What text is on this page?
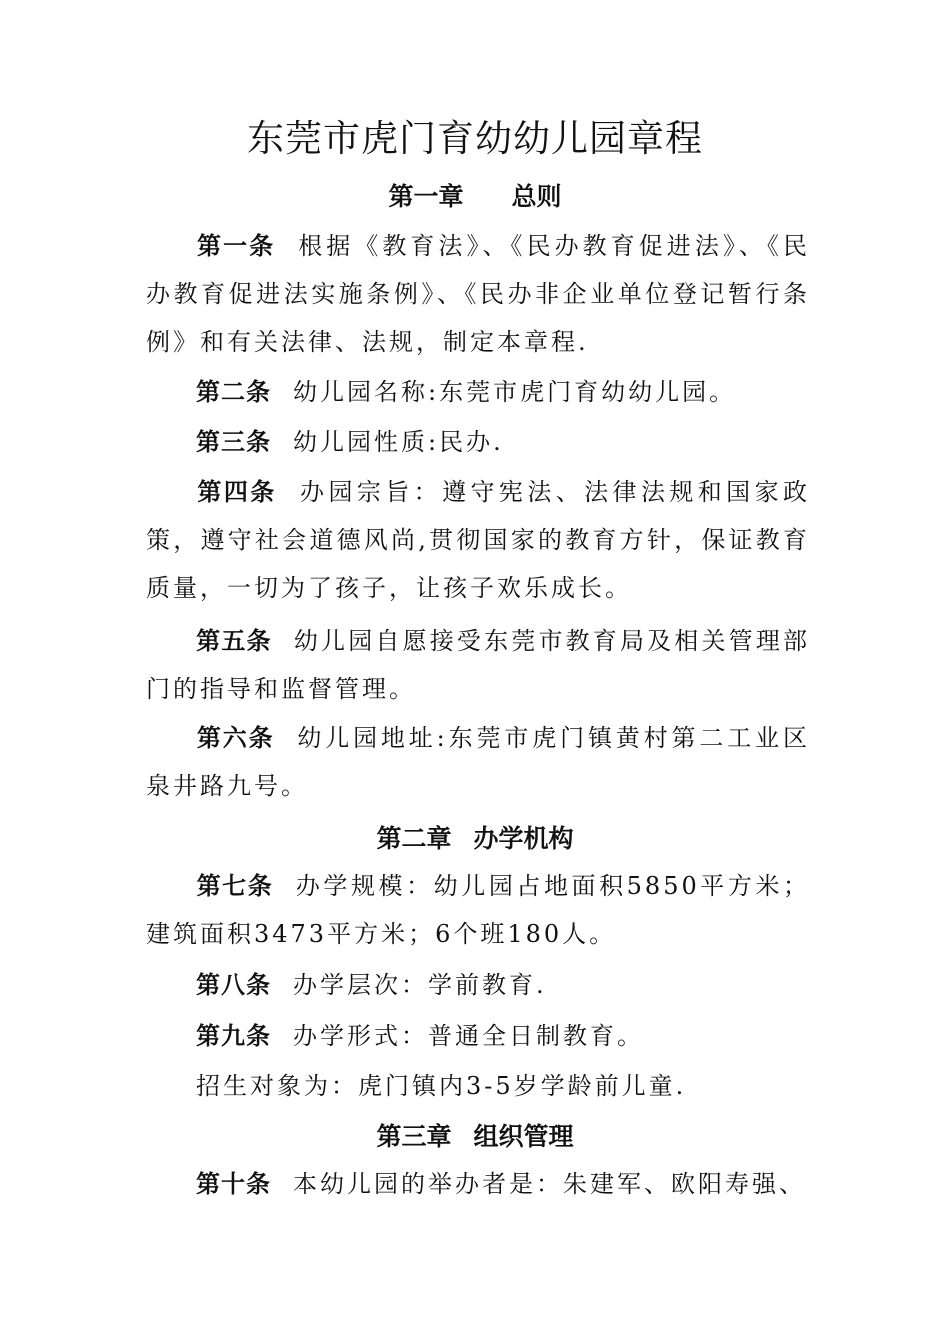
东莞市虎门育幼幼儿园章程
第一章 总则
第一条 根据《教育法》、《民办教育促进法》、《民办教育促进法实施条例》、《民办非企业单位登记暂行条例》和有关法律、法规，制定本章程.
第二条 幼儿园名称:东莞市虎门育幼幼儿园。
第三条 幼儿园性质:民办.
第四条 办园宗旨：遵守宪法、法律法规和国家政策，遵守社会道德风尚,贯彻国家的教育方针，保证教育质量，一切为了孩子，让孩子欢乐成长。
第五条 幼儿园自愿接受东莞市教育局及相关管理部门的指导和监督管理。
第六条 幼儿园地址:东莞市虎门镇黄村第二工业区泉井路九号。
第二章 办学机构
第七条 办学规模：幼儿园占地面积5850平方米；建筑面积3473平方米；6个班180人。
第八条 办学层次：学前教育.
第九条 办学形式：普通全日制教育。
招生对象为：虎门镇内3-5岁学龄前儿童.
第三章 组织管理
第十条 本幼儿园的举办者是：朱建军、欧阳寿强、
